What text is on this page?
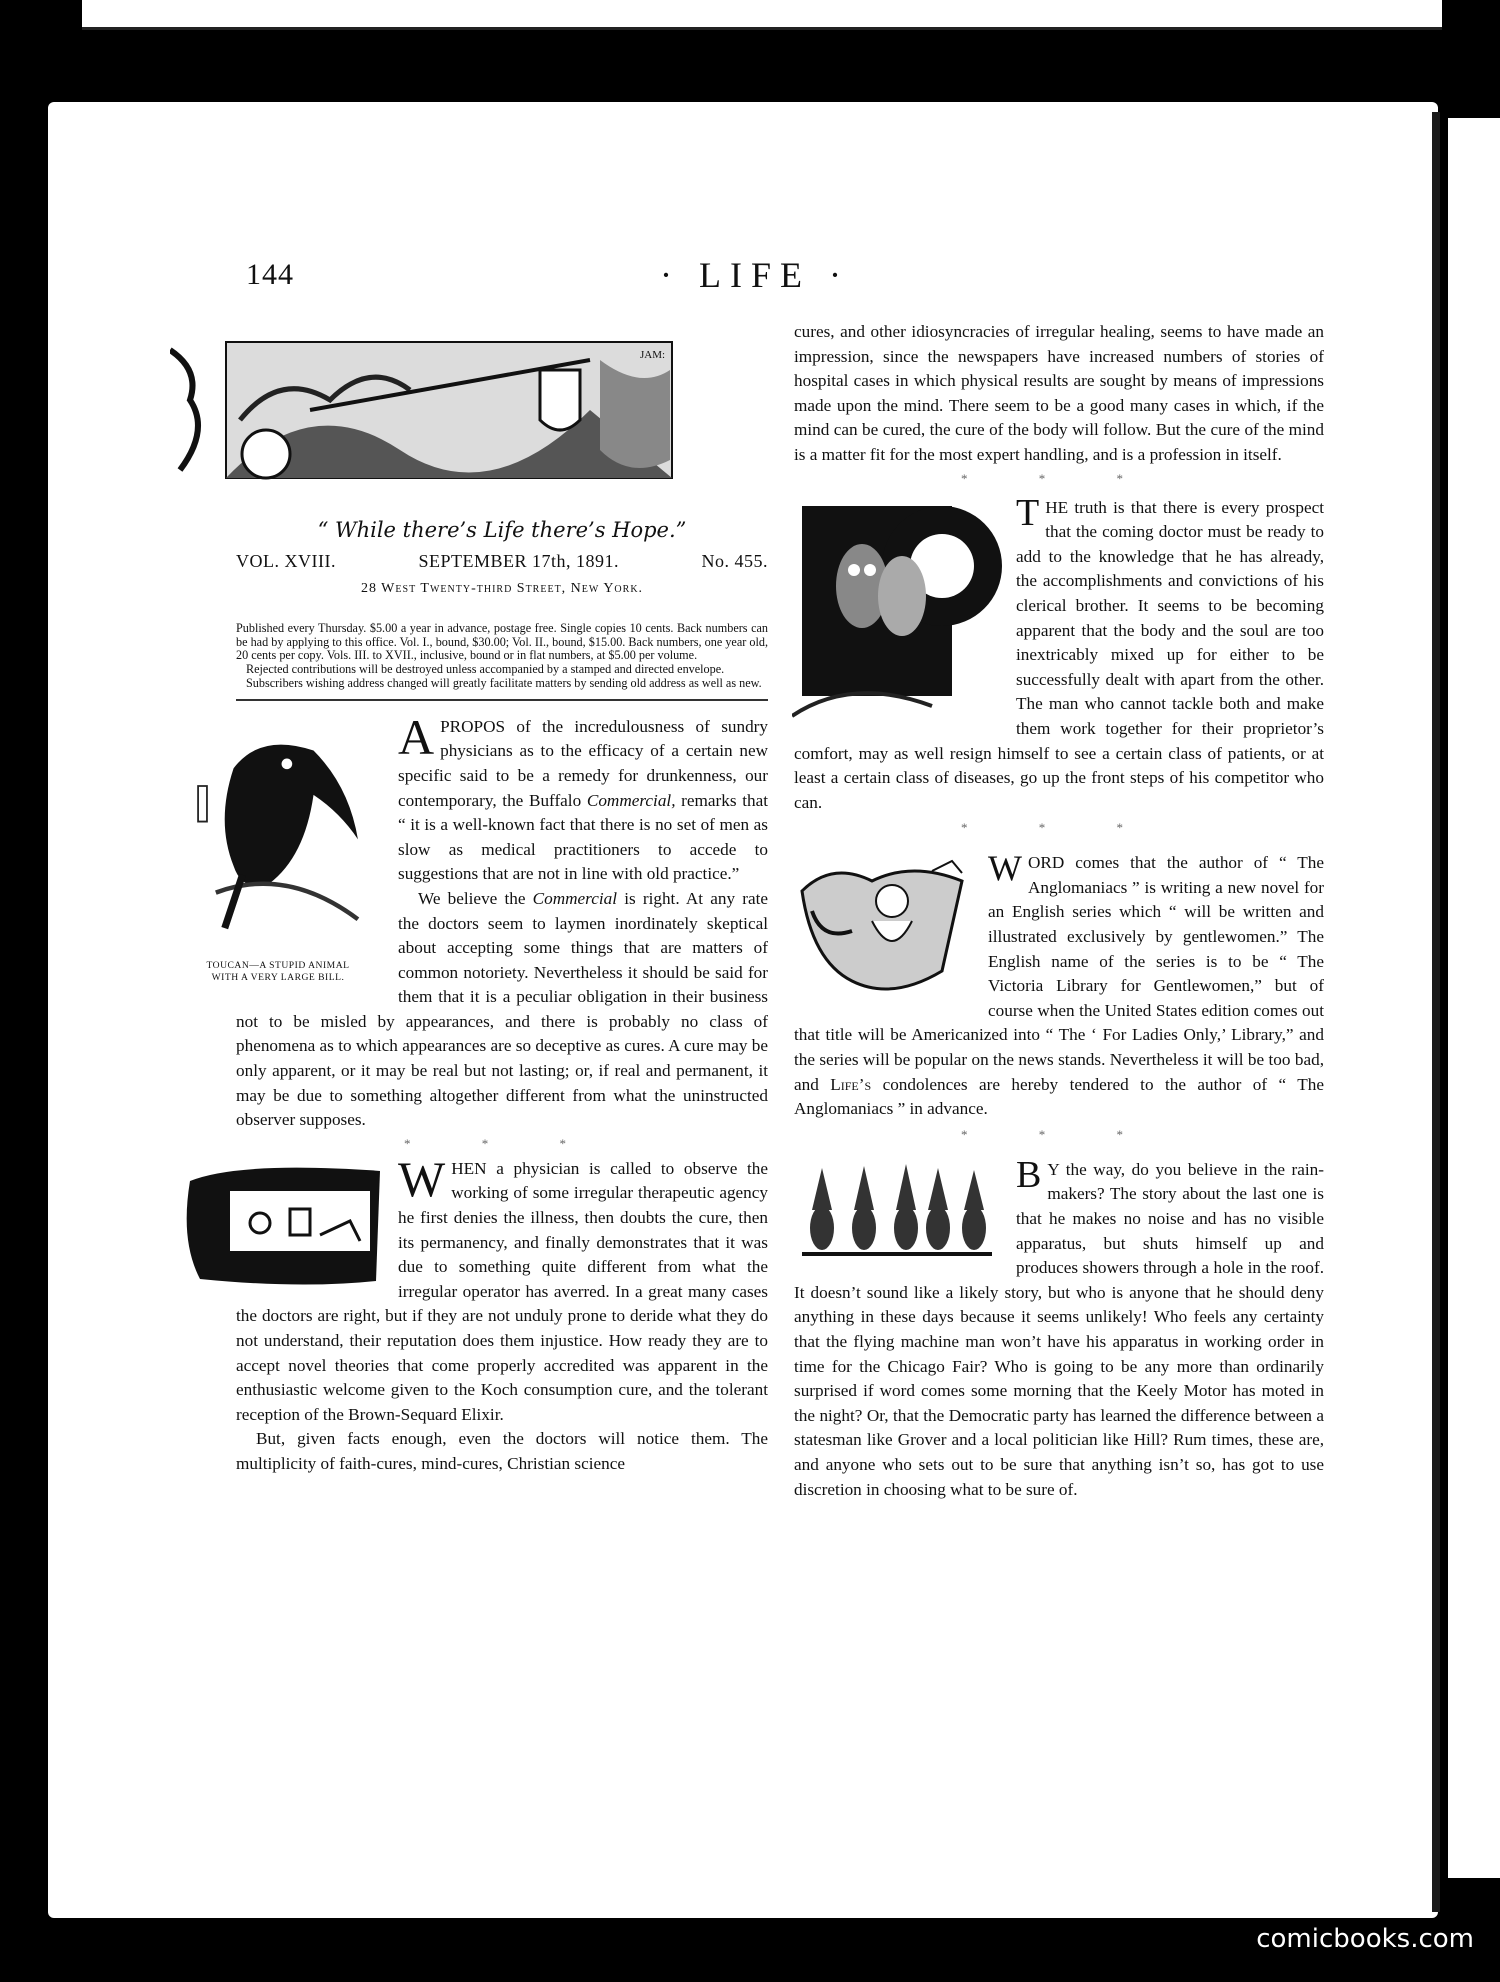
144	· LIFE ·
JAM:
“ While there’s Life there’s Hope.”
VOL. XVIII.	SEPTEMBER 17th, 1891.	No. 455.
28 West Twenty-third Street, New York.

Published every Thursday. $5.00 a year in advance, postage free. Single copies 10 cents. Back numbers can be had by applying to this office. Vol. I., bound, $30.00; Vol. II., bound, $15.00. Back numbers, one year old, 20 cents per copy. Vols. III. to XVII., inclusive, bound or in flat numbers, at $5.00 per volume.

Rejected contributions will be destroyed unless accompanied by a stamped and directed envelope.

Subscribers wishing address changed will greatly facilitate matters by sending old address as well as new.

TOUCAN—A STUPID ANIMAL
WITH A VERY LARGE BILL.

APROPOS of the incredulousness of sundry physicians as to the efficacy of a certain new specific said to be a remedy for drunkenness, our contemporary, the Buffalo Commercial, remarks that “ it is a well-known fact that there is no set of men as slow as medical practitioners to accede to suggestions that are not in line with old practice.”

We believe the Commercial is right. At any rate the doctors seem to laymen inordinately skeptical about accepting some things that are matters of common notoriety. Nevertheless it should be said for them that it is a peculiar obligation in their business not to be misled by appearances, and there is probably no class of phenomena as to which appearances are so deceptive as cures. A cure may be only apparent, or it may be real but not lasting; or, if real and permanent, it may be due to something altogether different from what the uninstructed observer supposes.

* * *

WHEN a physician is called to observe the working of some irregular therapeutic agency he first denies the illness, then doubts the cure, then its permanency, and finally demonstrates that it was due to something quite different from what the irregular operator has averred. In a great many cases the doctors are right, but if they are not unduly prone to deride what they do not understand, their reputation does them injustice. How ready they are to accept novel theories that come properly accredited was apparent in the enthusiastic welcome given to the Koch consumption cure, and the tolerant reception of the Brown-Sequard Elixir.

But, given facts enough, even the doctors will notice them. The multiplicity of faith-cures, mind-cures, Christian science

cures, and other idiosyncracies of irregular healing, seems to have made an impression, since the newspapers have increased numbers of stories of hospital cases in which physical results are sought by means of impressions made upon the mind. There seem to be a good many cases in which, if the mind can be cured, the cure of the body will follow. But the cure of the mind is a matter fit for the most expert handling, and is a profession in itself.

* * *

THE truth is that there is every prospect that the coming doctor must be ready to add to the knowledge that he has already, the accomplishments and convictions of his clerical brother. It seems to be becoming apparent that the body and the soul are too inextricably mixed up for either to be successfully dealt with apart from the other. The man who cannot tackle both and make them work together for their proprietor’s comfort, may as well resign himself to see a certain class of patients, or at least a certain class of diseases, go up the front steps of his competitor who can.

* * *

WORD comes that the author of “ The Anglomaniacs ” is writing a new novel for an English series which “ will be written and illustrated exclusively by gentlewomen.” The English name of the series is to be “ The Victoria Library for Gentlewomen,” but of course when the United States edition comes out that title will be Americanized into “ The ‘ For Ladies Only,’ Library,” and the series will be popular on the news stands. Nevertheless it will be too bad, and Life’s condolences are hereby tendered to the author of “ The Anglomaniacs ” in advance.

* * *

B Y the way, do you believe in the rain-makers? The story about the last one is that he makes no noise and has no visible apparatus, but shuts himself up and produces showers through a hole in the roof. It doesn’t sound like a likely story, but who is anyone that he should deny anything in these days because it seems unlikely! Who feels any certainty that the flying machine man won’t have his apparatus in working order in time for the Chicago Fair? Who is going to be any more than ordinarily surprised if word comes some morning that the Keely Motor has moted in the night? Or, that the Democratic party has learned the difference between a statesman like Grover and a local politician like Hill? Rum times, these are, and anyone who sets out to be sure that anything isn’t so, has got to use discretion in choosing what to be sure of.

comicbooks.com
